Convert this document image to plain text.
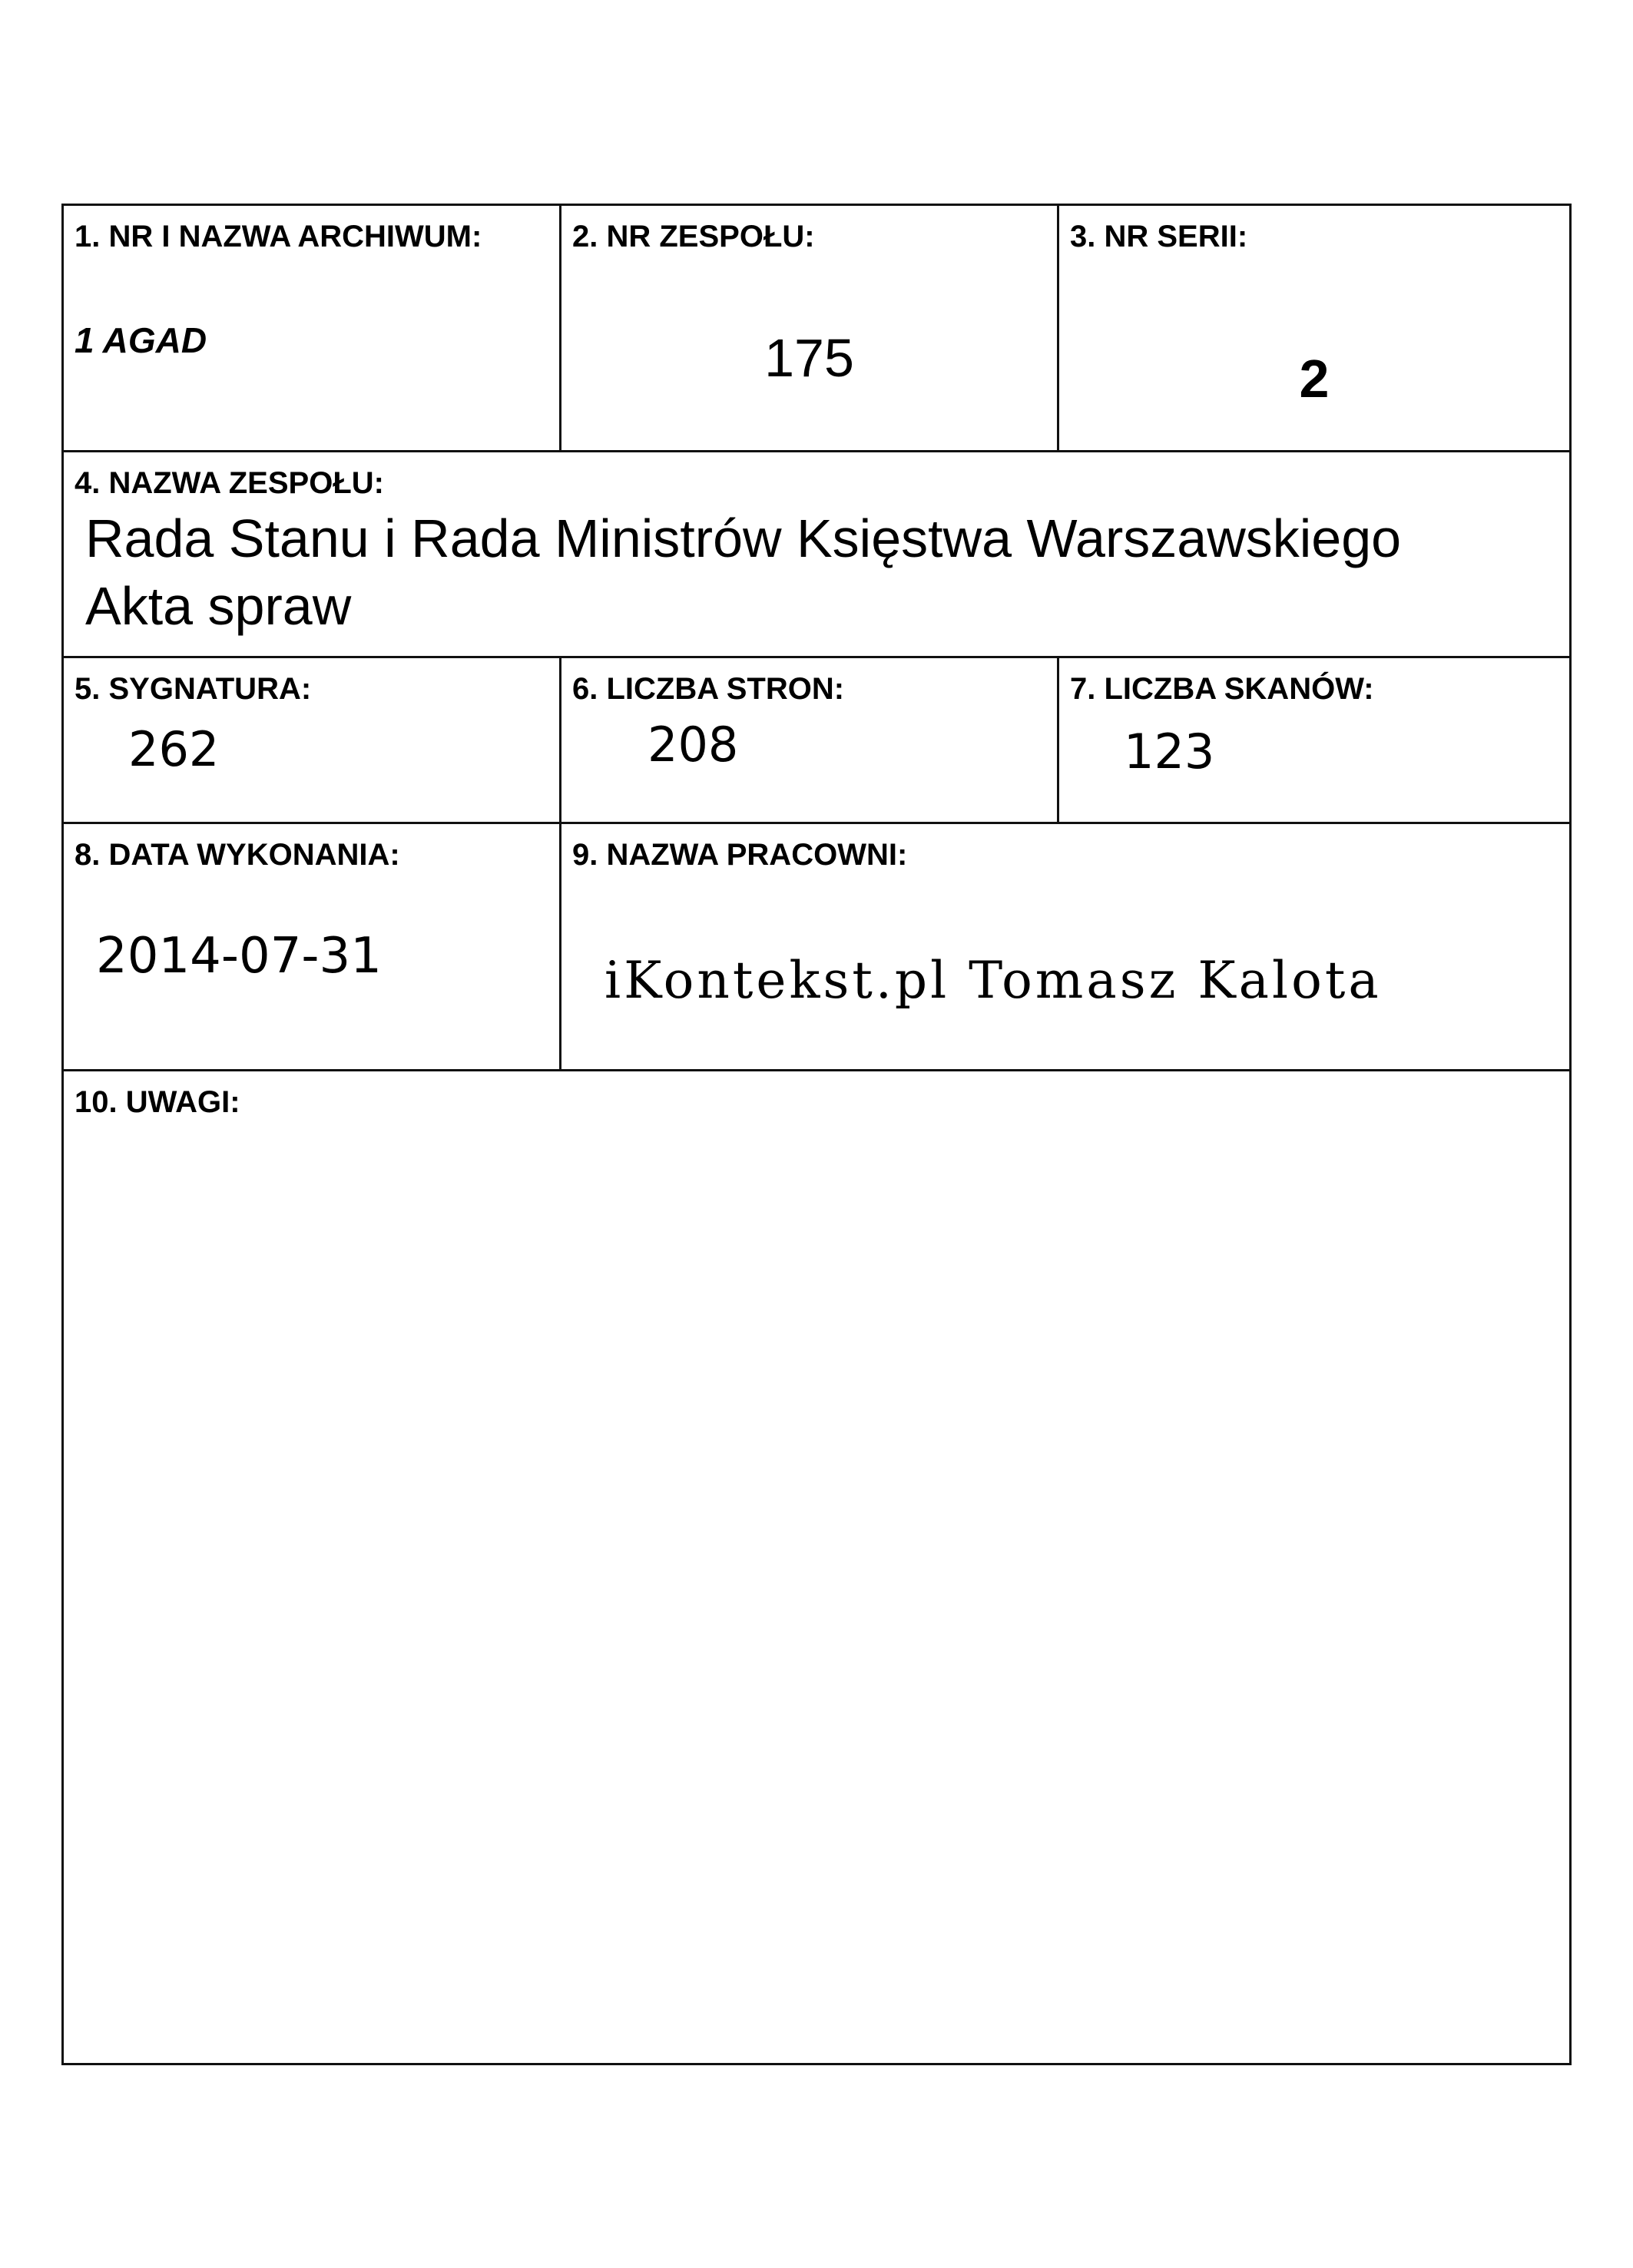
1. NR I NAZWA ARCHIWUM:
1 AGAD
2. NR ZESPOŁU:
175
3. NR SERII:
2
4. NAZWA ZESPOŁU:
Rada Stanu i Rada Ministrów Księstwa Warszawskiego
Akta spraw
5. SYGNATURA:
262
6. LICZBA STRON:
208
7. LICZBA SKANÓW:
123
8. DATA WYKONANIA:
2014-07-31
9. NAZWA PRACOWNI:
iKontekst.pl Tomasz Kalota
10. UWAGI:
